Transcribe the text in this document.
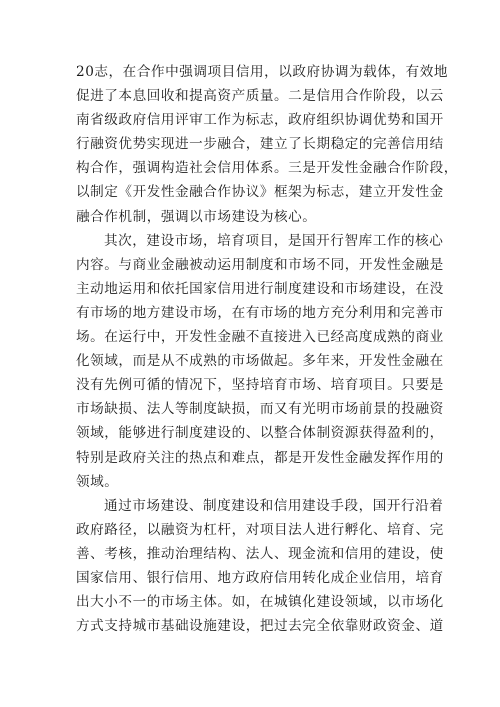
20志，在合作中强调项目信用，以政府协调为载体，有效地
促进了本息回收和提高资产质量。二是信用合作阶段，以云
南省级政府信用评审工作为标志，政府组织协调优势和国开
行融资优势实现进一步融合，建立了长期稳定的完善信用结
构合作，强调构造社会信用体系。三是开发性金融合作阶段，
以制定《开发性金融合作协议》框架为标志，建立开发性金
融合作机制，强调以市场建设为核心。
其次，建设市场，培育项目，是国开行智库工作的核心
内容。与商业金融被动运用制度和市场不同，开发性金融是
主动地运用和依托国家信用进行制度建设和市场建设，在没
有市场的地方建设市场，在有市场的地方充分利用和完善市
场。在运行中，开发性金融不直接进入已经高度成熟的商业
化领域，而是从不成熟的市场做起。多年来，开发性金融在
没有先例可循的情况下，坚持培育市场、培育项目。只要是
市场缺损、法人等制度缺损，而又有光明市场前景的投融资
领域，能够进行制度建设的、以整合体制资源获得盈利的，
特别是政府关注的热点和难点，都是开发性金融发挥作用的
领域。
通过市场建设、制度建设和信用建设手段，国开行沿着
政府路径，以融资为杠杆，对项目法人进行孵化、培育、完
善、考核，推动治理结构、法人、现金流和信用的建设，使
国家信用、银行信用、地方政府信用转化成企业信用，培育
出大小不一的市场主体。如，在城镇化建设领域，以市场化
方式支持城市基础设施建设，把过去完全依靠财政资金、道
